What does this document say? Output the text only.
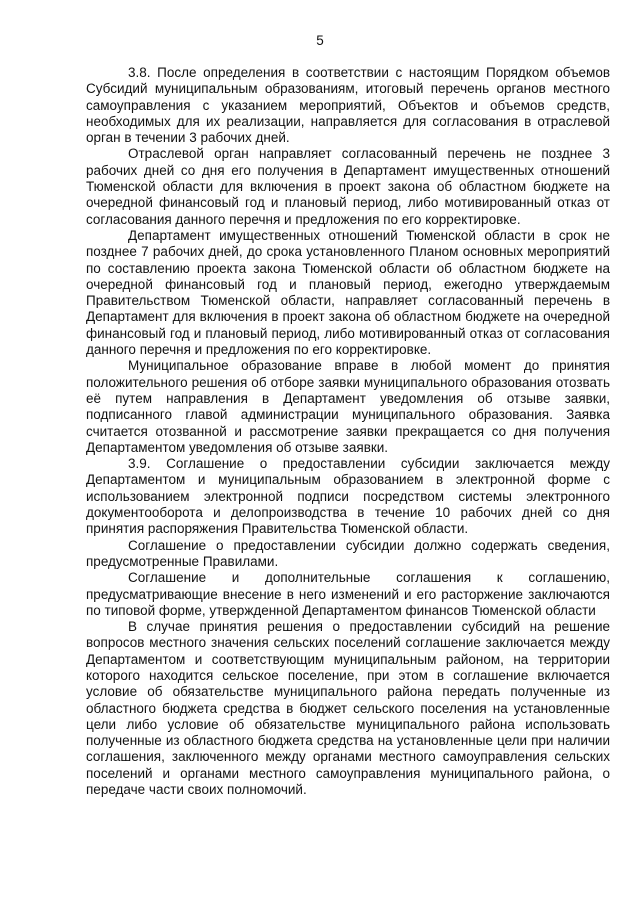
5

3.8. После определения в соответствии с настоящим Порядком объемов Субсидий муниципальным образованиям, итоговый перечень органов местного самоуправления с указанием мероприятий, Объектов и объемов средств, необходимых для их реализации, направляется для согласования в отраслевой орган в течении 3 рабочих дней.

Отраслевой орган направляет согласованный перечень не позднее 3 рабочих дней со дня его получения в Департамент имущественных отношений Тюменской области для включения в проект закона об областном бюджете на очередной финансовый год и плановый период, либо мотивированный отказ от согласования данного перечня и предложения по его корректировке.

Департамент имущественных отношений Тюменской области в срок не позднее 7 рабочих дней, до срока установленного Планом основных мероприятий по составлению проекта закона Тюменской области об областном бюджете на очередной финансовый год и плановый период, ежегодно утверждаемым Правительством Тюменской области, направляет согласованный перечень в Департамент для включения в проект закона об областном бюджете на очередной финансовый год и плановый период, либо мотивированный отказ от согласования данного перечня и предложения по его корректировке.

Муниципальное образование вправе в любой момент до принятия положительного решения об отборе заявки муниципального образования отозвать её путем направления в Департамент уведомления об отзыве заявки, подписанного главой администрации муниципального образования. Заявка считается отозванной и рассмотрение заявки прекращается со дня получения Департаментом уведомления об отзыве заявки.

3.9. Соглашение о предоставлении субсидии заключается между Департаментом и муниципальным образованием в электронной форме с использованием электронной подписи посредством системы электронного документооборота и делопроизводства в течение 10 рабочих дней со дня принятия распоряжения Правительства Тюменской области.

Соглашение о предоставлении субсидии должно содержать сведения, предусмотренные Правилами.

Соглашение и дополнительные соглашения к соглашению, предусматривающие внесение в него изменений и его расторжение заключаются по типовой форме, утвержденной Департаментом финансов Тюменской области

В случае принятия решения о предоставлении субсидий на решение вопросов местного значения сельских поселений соглашение заключается между Департаментом и соответствующим муниципальным районом, на территории которого находится сельское поселение, при этом в соглашение включается условие об обязательстве муниципального района передать полученные из областного бюджета средства в бюджет сельского поселения на установленные цели либо условие об обязательстве муниципального района использовать полученные из областного бюджета средства на установленные цели при наличии соглашения, заключенного между органами местного самоуправления сельских поселений и органами местного самоуправления муниципального района, о передаче части своих полномочий.
